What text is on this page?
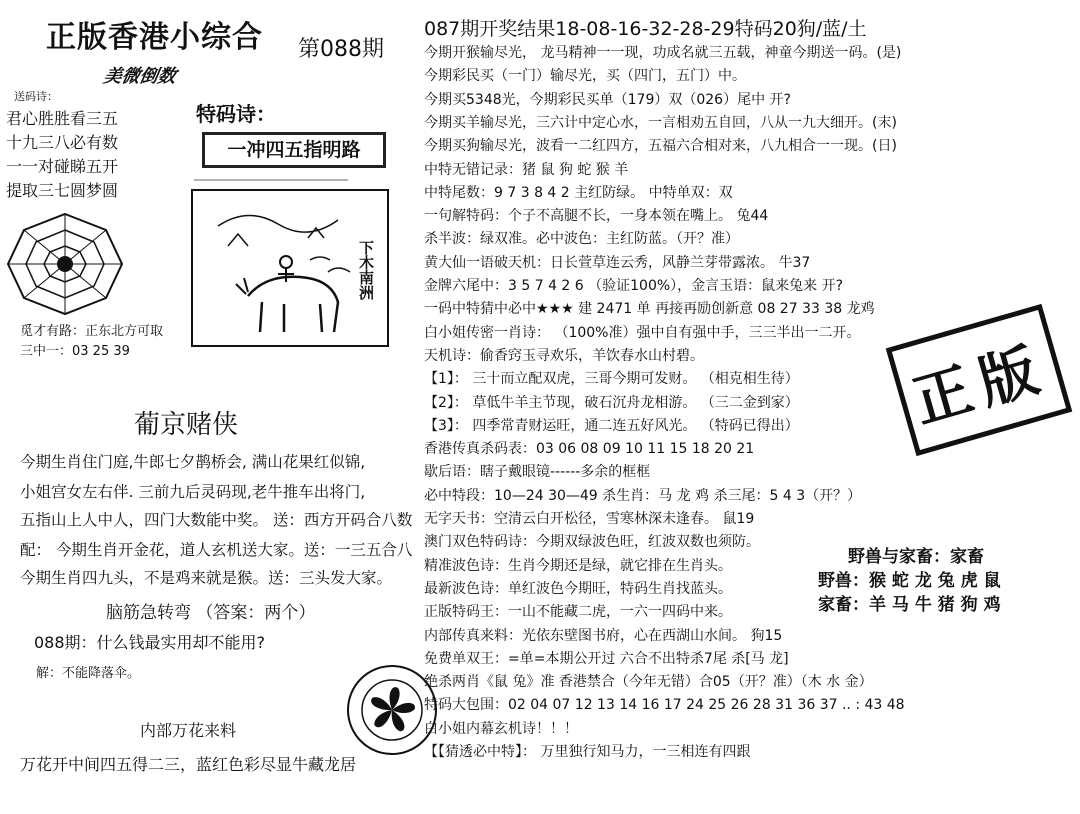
正版香港小综合 第088期
美微倒数
送码诗：
君心胜胜看三五
十九三八必有数
一一对碰睇五开
提取三七圆梦圆
特码诗：
一冲四五指明路
觅才有路：正东北方可取
三中一：03 25 39
下木南洲
葡京赌侠
今期生肖住门庭,牛郎七夕鹊桥会, 满山花果红似锦,
小姐宫女左右伴. 三前九后灵码现,老牛推车出将门,
五指山上人中人，四门大数能中奖。 送：西方开码合八数
配： 今期生肖开金花，道人玄机送大家。送：一三五合八
今期生肖四九头，不是鸡来就是猴。送：三头发大家。
脑筋急转弯 （答案：两个）
088期：什么钱最实用却不能用?
解：不能降落伞。
内部万花来料
万花开中间四五得二三，蓝红色彩尽显牛藏龙居
087期开奖结果18-08-16-32-28-29特码20狗/蓝/土
今期开猴输尽光， 龙马精神一一现，功成名就三五载，神童今期送一码。(是)
今期彩民买（一门）输尽光，买（四门，五门）中。
今期买5348光，今期彩民买单（179）双（026）尾中 开?
今期买羊输尽光，三六计中定心水，一言相劝五自回，八从一九大细开。(末)
今期买狗输尽光，波看一二红四方，五福六合相对来，八九相合一一现。(日)
中特无错记录：猪 鼠 狗 蛇 猴 羊
中特尾数：9 7 3 8 4 2 主红防绿。 中特单双：双
一句解特码：个子不高腿不长，一身本领在嘴上。 兔44
杀半波：绿双准。必中波色：主红防蓝。（开？准）
黄大仙一语破天机：日长萱草连云秀，风静兰芽带露浓。 牛37
金牌六尾中：3 5 7 4 2 6 （验证100%），金言玉语：鼠来兔来 开?
一码中特猜中必中★★★ 建 2471 单 再接再励创新意 08 27 33 38 龙鸡
白小姐传密一肖诗： （100%准）强中自有强中手，三三半出一二开。
天机诗：偷香窍玉寻欢乐，羊饮春水山村碧。
【1】： 三十而立配双虎，三哥今期可发财。 （相克相生待）
【2】： 草低牛羊主节现，破石沉舟龙相游。 （三二金到家）
【3】： 四季常青财运旺，通二连五好风光。 （特码已得出）
香港传真杀码表：03 06 08 09 10 11 15 18 20 21
歇后语：瞎子戴眼镜------多余的框框
必中特段：10—24 30—49 杀生肖：马 龙 鸡 杀三尾：5 4 3（开？）
无字天书：空清云白开松径，雪寒林深未逢春。 鼠19
澳门双色特码诗：今期双绿波色旺，红波双数也须防。
精准波色诗：生肖今期还是绿，就它排在生肖头。
最新波色诗：单红波色今期旺，特码生肖找蓝头。
正版特码王：一山不能藏二虎，一六一四码中来。
内部传真来料：光依东壁图书府，心在西湖山水间。 狗15
免费单双王：=单=本期公开过 六合不出特杀7尾 杀[马 龙]
绝杀两肖《鼠 兔》准 香港禁合（今年无错）合05（开？准）（木 水 金）
特码大包围：02 04 07 12 13 14 16 17 24 25 26 28 31 36 37 .. : 43 48
白小姐内幕玄机诗！！！
【【猜透必中特】： 万里独行知马力，一三相连有四跟
正版
野兽与家畜：家畜
野兽：猴 蛇 龙 兔 虎 鼠
家畜：羊 马 牛 猪 狗 鸡
